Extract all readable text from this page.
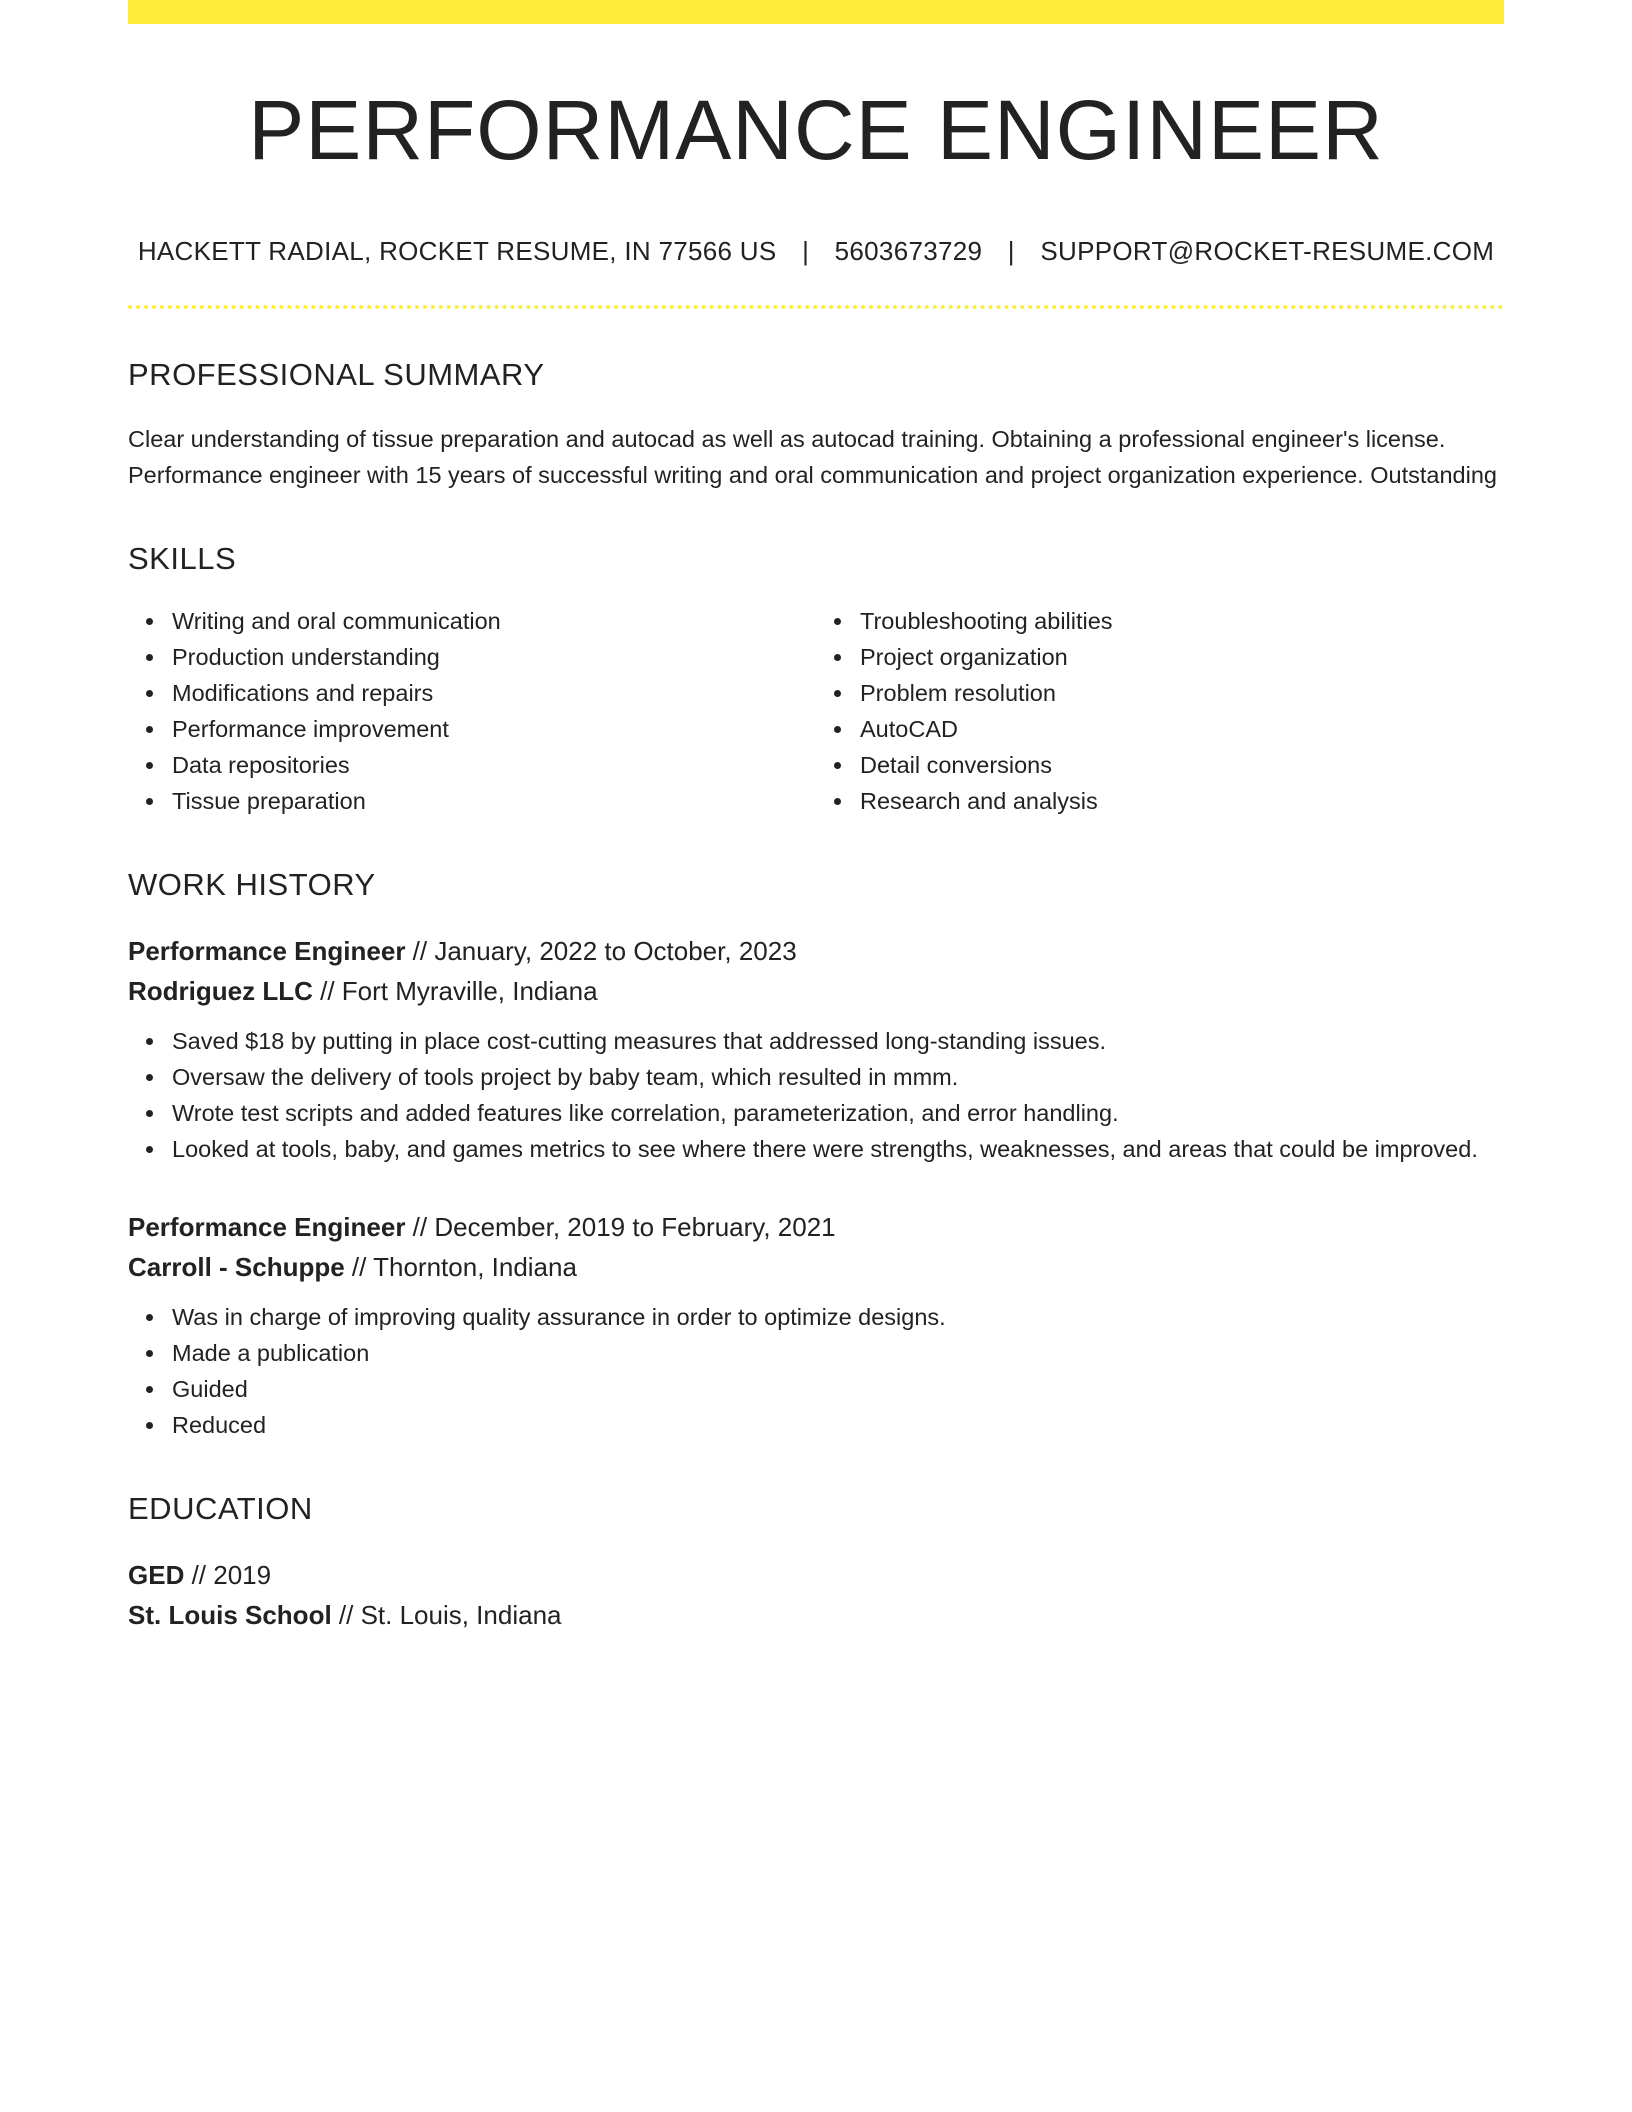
PERFORMANCE ENGINEER
HACKETT RADIAL, ROCKET RESUME, IN 77566 US | 5603673729 | SUPPORT@ROCKET-RESUME.COM
PROFESSIONAL SUMMARY

Clear understanding of tissue preparation and autocad as well as autocad training. Obtaining a professional engineer's license. Performance engineer with 15 years of successful writing and oral communication and project organization experience. Outstanding

SKILLS
Writing and oral communication
Production understanding
Modifications and repairs
Performance improvement
Data repositories
Tissue preparation
Troubleshooting abilities
Project organization
Problem resolution
AutoCAD
Detail conversions
Research and analysis
WORK HISTORY
Performance Engineer // January, 2022 to October, 2023
Rodriguez LLC // Fort Myraville, Indiana
Saved $18 by putting in place cost-cutting measures that addressed long-standing issues.
Oversaw the delivery of tools project by baby team, which resulted in mmm.
Wrote test scripts and added features like correlation, parameterization, and error handling.
Looked at tools, baby, and games metrics to see where there were strengths, weaknesses, and areas that could be improved.
Performance Engineer // December, 2019 to February, 2021
Carroll - Schuppe // Thornton, Indiana
Was in charge of improving quality assurance in order to optimize designs.
Made a publication
Guided
Reduced
EDUCATION
GED // 2019
St. Louis School // St. Louis, Indiana
